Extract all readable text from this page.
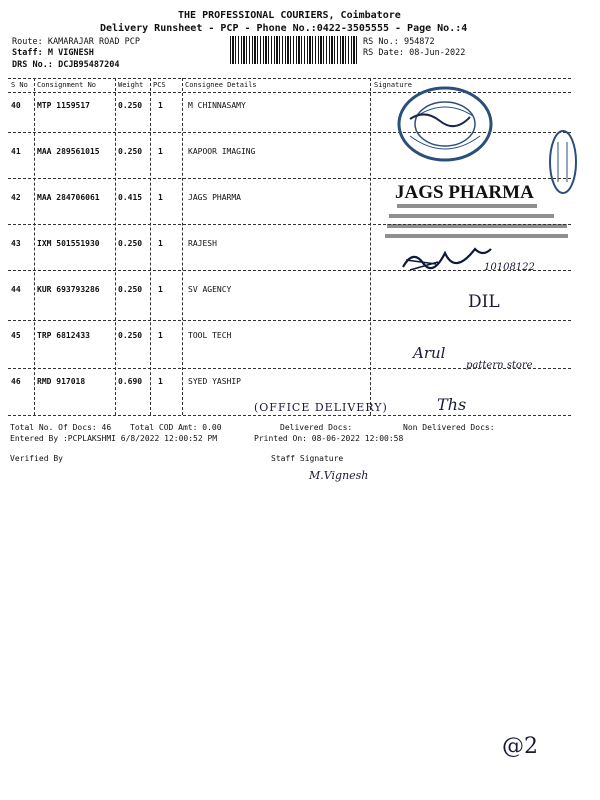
THE PROFESSIONAL COURIERS, Coimbatore
Delivery Runsheet - PCP - Phone No.:0422-3505555 - Page No.:4
Route: KAMARAJAR ROAD PCP
Staff: M VIGNESH
DRS No.: DCJB95487204
RS No.: 954872
RS Date: 08-Jun-2022
S No Consignment No	Weight PCS	Consignee Details	Signature
40 MTP 1159517	0.250 1	M CHINNASAMY
41 MAA 289561015 0.250 1	KAPOOR IMAGING
42 MAA 284706061 0.415 1	JAGS PHARMA
43 IXM 501551930 0.250 1	RAJESH
44 KUR 693793286 0.250 1	SV AGENCY
45 TRP 6812433	0.250 1	TOOL TECH
46 RMD 917018	0.690 1	SYED YASHIP
Total No. Of Docs: 46 Total COD Amt: 0.00	Delivered Docs:	Non Delivered Docs:
Entered By :PCPLAKSHMI 6/8/2022 12:00:52 PM	Printed On: 08-06-2022 12:00:58
Verified By	Staff Signature
JAGS PHARMA
10108122
DIL
Arul
pattern store
(OFFICE DELIVERY)	Ths
M.Vignesh
@2
